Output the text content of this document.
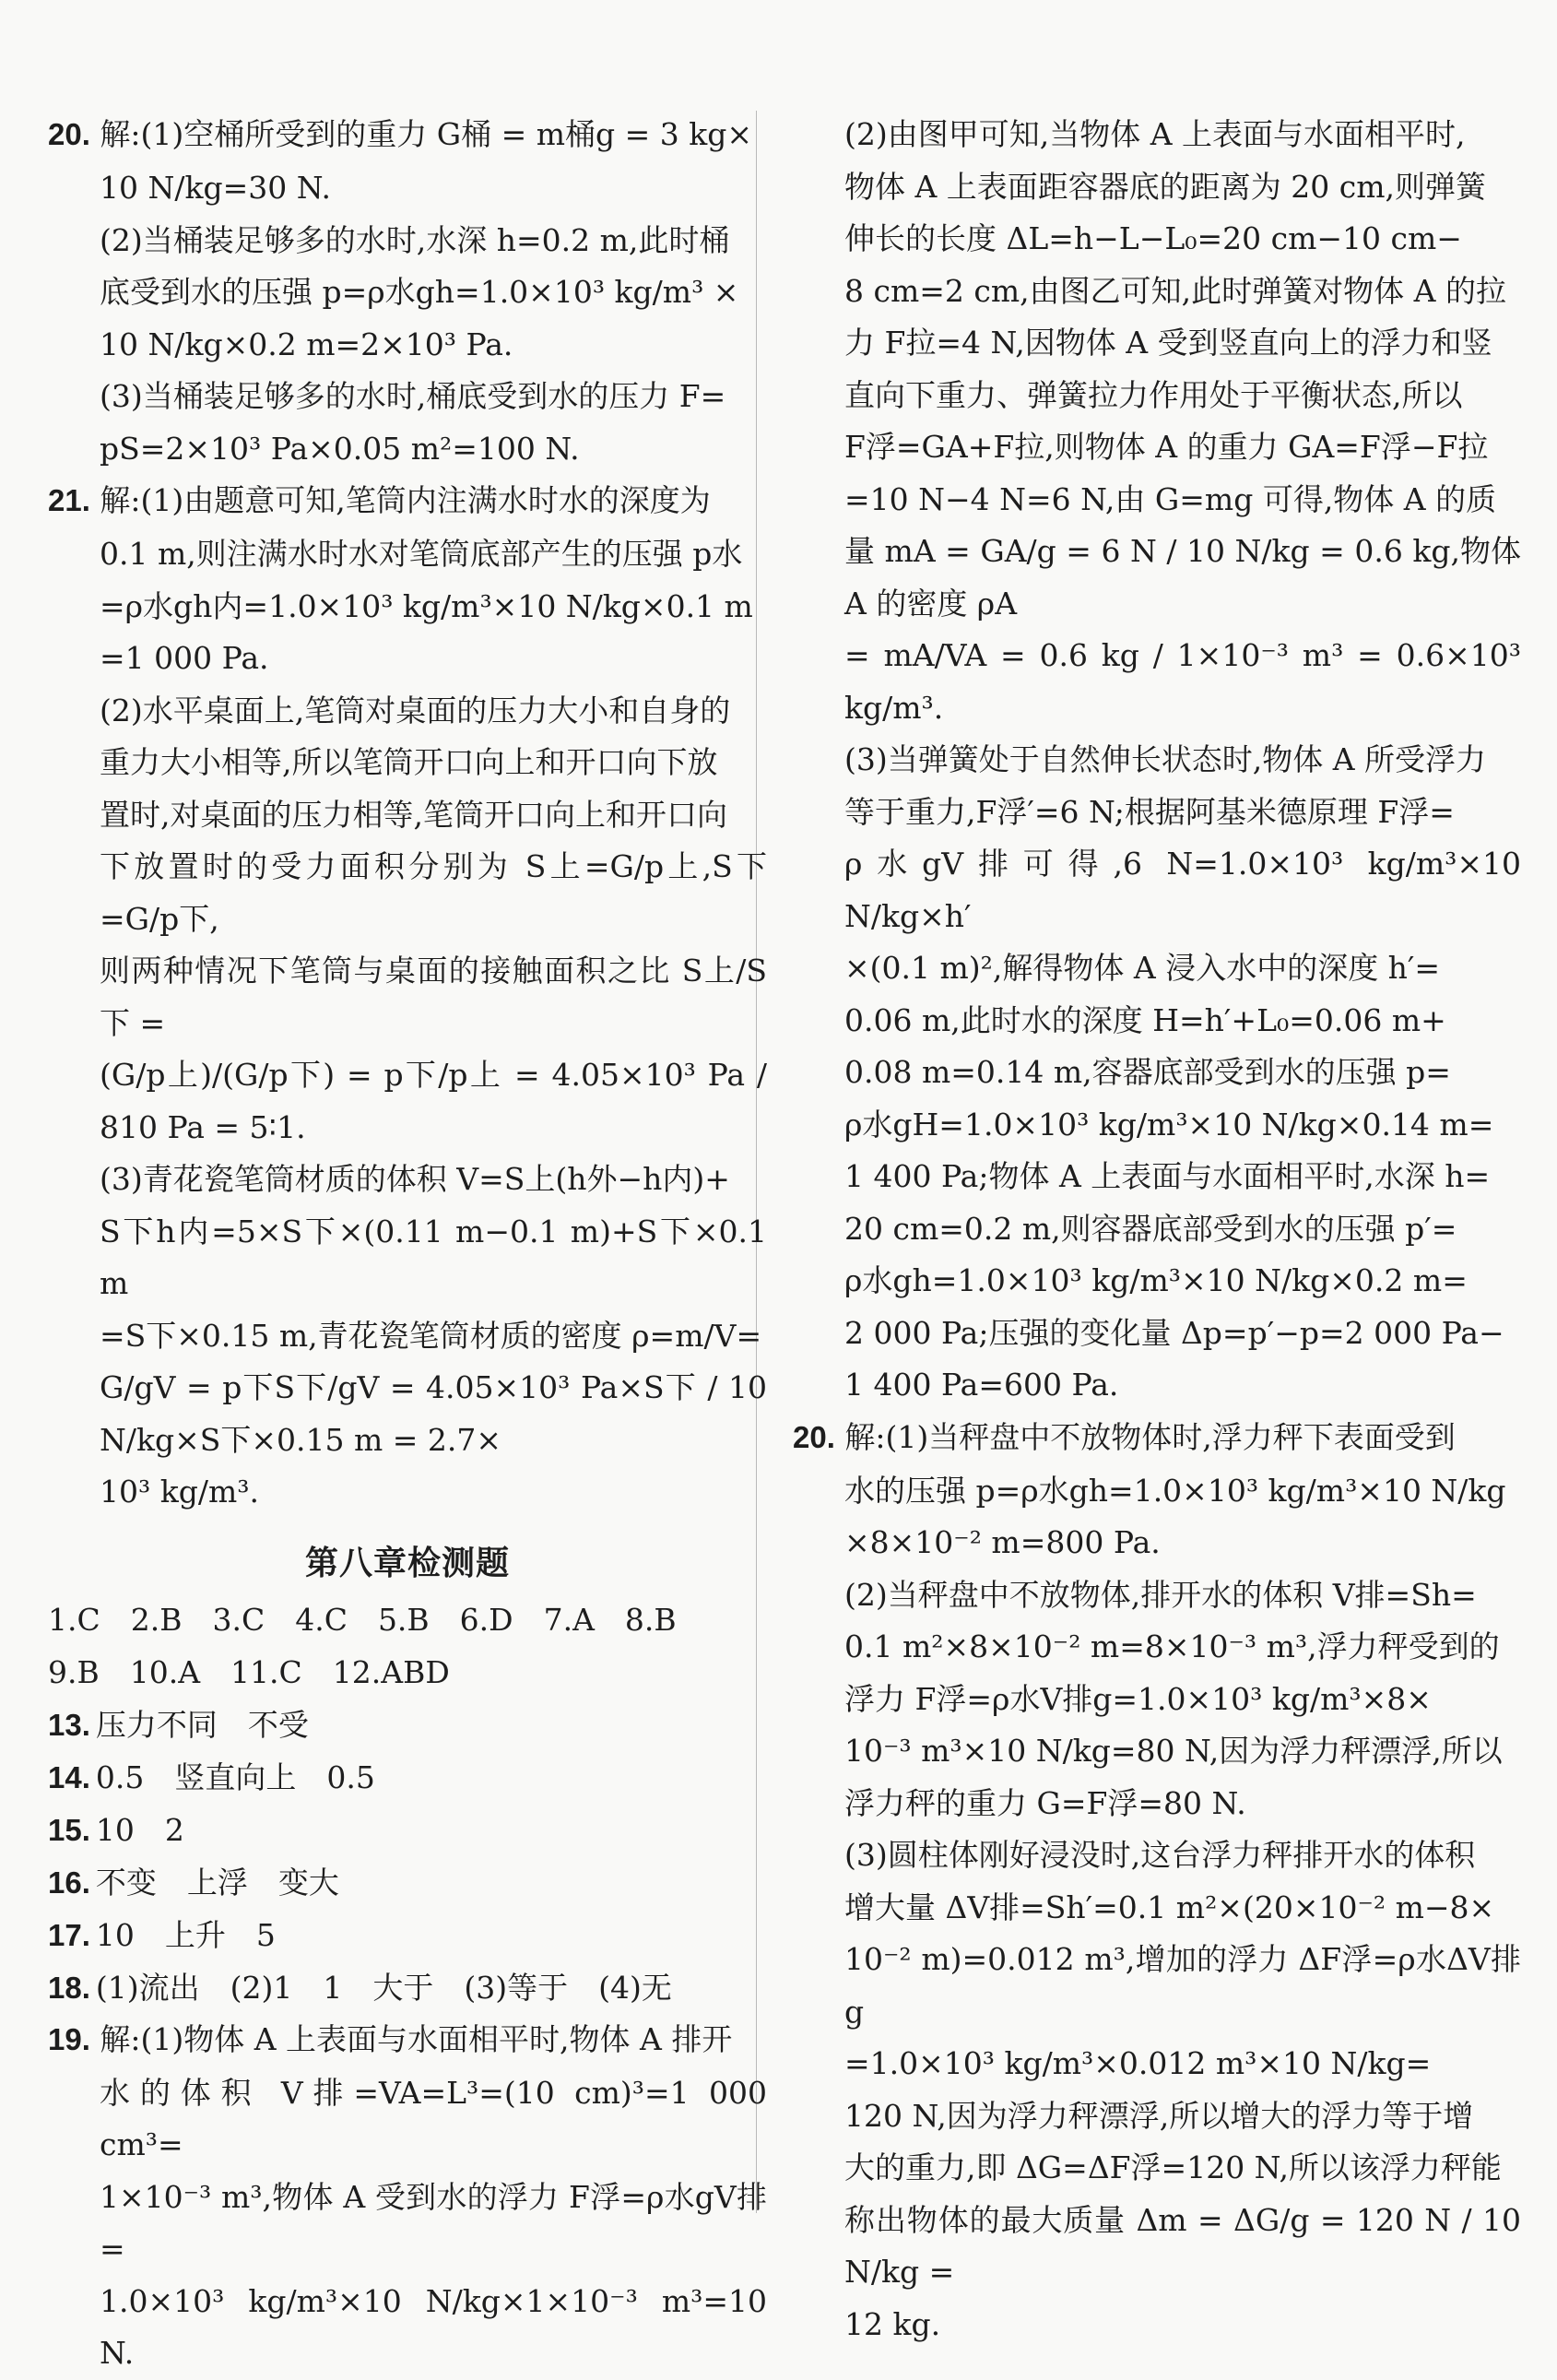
20. 解:(1)空桶所受到的重力 G桶 = m桶g = 3 kg×

10 N/kg=30 N.

(2)当桶装足够多的水时,水深 h=0.2 m,此时桶

底受到水的压强 p=ρ水gh=1.0×10³ kg/m³ ×

10 N/kg×0.2 m=2×10³ Pa.

(3)当桶装足够多的水时,桶底受到水的压力 F=

pS=2×10³ Pa×0.05 m²=100 N.

21. 解:(1)由题意可知,笔筒内注满水时水的深度为

0.1 m,则注满水时水对笔筒底部产生的压强 p水

=ρ水gh内=1.0×10³ kg/m³×10 N/kg×0.1 m

=1 000 Pa.

(2)水平桌面上,笔筒对桌面的压力大小和自身的

重力大小相等,所以笔筒开口向上和开口向下放

置时,对桌面的压力相等,笔筒开口向上和开口向

下放置时的受力面积分别为 S上=G/p上,S下=G/p下,

则两种情况下笔筒与桌面的接触面积之比 S上/S下 =

(G/p上)/(G/p下) = p下/p上 = 4.05×10³ Pa / 810 Pa = 5∶1.

(3)青花瓷笔筒材质的体积 V=S上(h外−h内)+

S下h内=5×S下×(0.11 m−0.1 m)+S下×0.1 m

=S下×0.15 m,青花瓷笔筒材质的密度 ρ=m/V=

G/gV = p下S下/gV = 4.05×10³ Pa×S下 / 10 N/kg×S下×0.15 m = 2.7×

10³ kg/m³.

第八章检测题

1.C　2.B　3.C　4.C　5.B　6.D　7.A　8.B

9.B　10.A　11.C　12.ABD

13. 压力不同　不受

14. 0.5　竖直向上　0.5

15. 10　2

16. 不变　上浮　变大

17. 10　上升　5

18. (1)流出　(2)1　1　大于　(3)等于　(4)无

19. 解:(1)物体 A 上表面与水面相平时,物体 A 排开

水的体积 V排=VA=L³=(10 cm)³=1 000 cm³=

1×10⁻³ m³,物体 A 受到水的浮力 F浮=ρ水gV排=

1.0×10³ kg/m³×10 N/kg×1×10⁻³ m³=10 N.

(2)由图甲可知,当物体 A 上表面与水面相平时,

物体 A 上表面距容器底的距离为 20 cm,则弹簧

伸长的长度 ΔL=h−L−L₀=20 cm−10 cm−

8 cm=2 cm,由图乙可知,此时弹簧对物体 A 的拉

力 F拉=4 N,因物体 A 受到竖直向上的浮力和竖

直向下重力、弹簧拉力作用处于平衡状态,所以

F浮=GA+F拉,则物体 A 的重力 GA=F浮−F拉

=10 N−4 N=6 N,由 G=mg 可得,物体 A 的质

量 mA = GA/g = 6 N / 10 N/kg = 0.6 kg,物体 A 的密度 ρA

= mA/VA = 0.6 kg / 1×10⁻³ m³ = 0.6×10³ kg/m³.

(3)当弹簧处于自然伸长状态时,物体 A 所受浮力

等于重力,F浮′=6 N;根据阿基米德原理 F浮=

ρ水gV排可得,6 N=1.0×10³ kg/m³×10 N/kg×h′

×(0.1 m)²,解得物体 A 浸入水中的深度 h′=

0.06 m,此时水的深度 H=h′+L₀=0.06 m+

0.08 m=0.14 m,容器底部受到水的压强 p=

ρ水gH=1.0×10³ kg/m³×10 N/kg×0.14 m=

1 400 Pa;物体 A 上表面与水面相平时,水深 h=

20 cm=0.2 m,则容器底部受到水的压强 p′=

ρ水gh=1.0×10³ kg/m³×10 N/kg×0.2 m=

2 000 Pa;压强的变化量 Δp=p′−p=2 000 Pa−

1 400 Pa=600 Pa.

20. 解:(1)当秤盘中不放物体时,浮力秤下表面受到

水的压强 p=ρ水gh=1.0×10³ kg/m³×10 N/kg

×8×10⁻² m=800 Pa.

(2)当秤盘中不放物体,排开水的体积 V排=Sh=

0.1 m²×8×10⁻² m=8×10⁻³ m³,浮力秤受到的

浮力 F浮=ρ水V排g=1.0×10³ kg/m³×8×

10⁻³ m³×10 N/kg=80 N,因为浮力秤漂浮,所以

浮力秤的重力 G=F浮=80 N.

(3)圆柱体刚好浸没时,这台浮力秤排开水的体积

增大量 ΔV排=Sh′=0.1 m²×(20×10⁻² m−8×

10⁻² m)=0.012 m³,增加的浮力 ΔF浮=ρ水ΔV排g

=1.0×10³ kg/m³×0.012 m³×10 N/kg=

120 N,因为浮力秤漂浮,所以增大的浮力等于增

大的重力,即 ΔG=ΔF浮=120 N,所以该浮力秤能

称出物体的最大质量 Δm = ΔG/g = 120 N / 10 N/kg =

12 kg.
